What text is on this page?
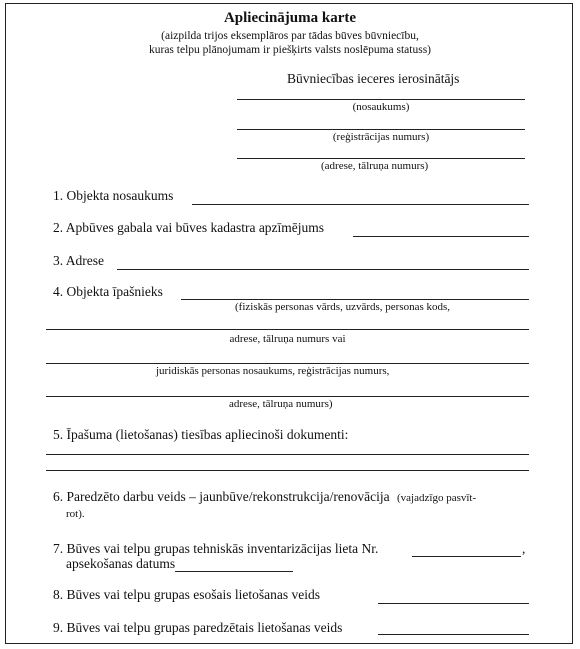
Apliecinājuma karte
(aizpilda trijos eksemplāros par tādas būves būvniecību,
kuras telpu plānojumam ir piešķirts valsts noslēpuma statuss)
Būvniecības ieceres ierosinātājs
(nosaukums)
(reģistrācijas numurs)
(adrese, tālruņa numurs)
1. Objekta nosaukums
2. Apbūves gabala vai būves kadastra apzīmējums
3. Adrese
4. Objekta īpašnieks
(fiziskās personas vārds, uzvārds, personas kods,
adrese, tālruņa numurs vai
juridiskās personas nosaukums, reģistrācijas numurs,
adrese, tālruņa numurs)
5. Īpašuma (lietošanas) tiesības apliecinoši dokumenti:
6. Paredzēto darbu veids – jaunbūve/rekonstrukcija/renovācija (vajadzīgo pasvīt-
rot).
7. Būves vai telpu grupas tehniskās inventarizācijas lieta Nr.	,
apsekošanas datums
8. Būves vai telpu grupas esošais lietošanas veids
9. Būves vai telpu grupas paredzētais lietošanas veids
